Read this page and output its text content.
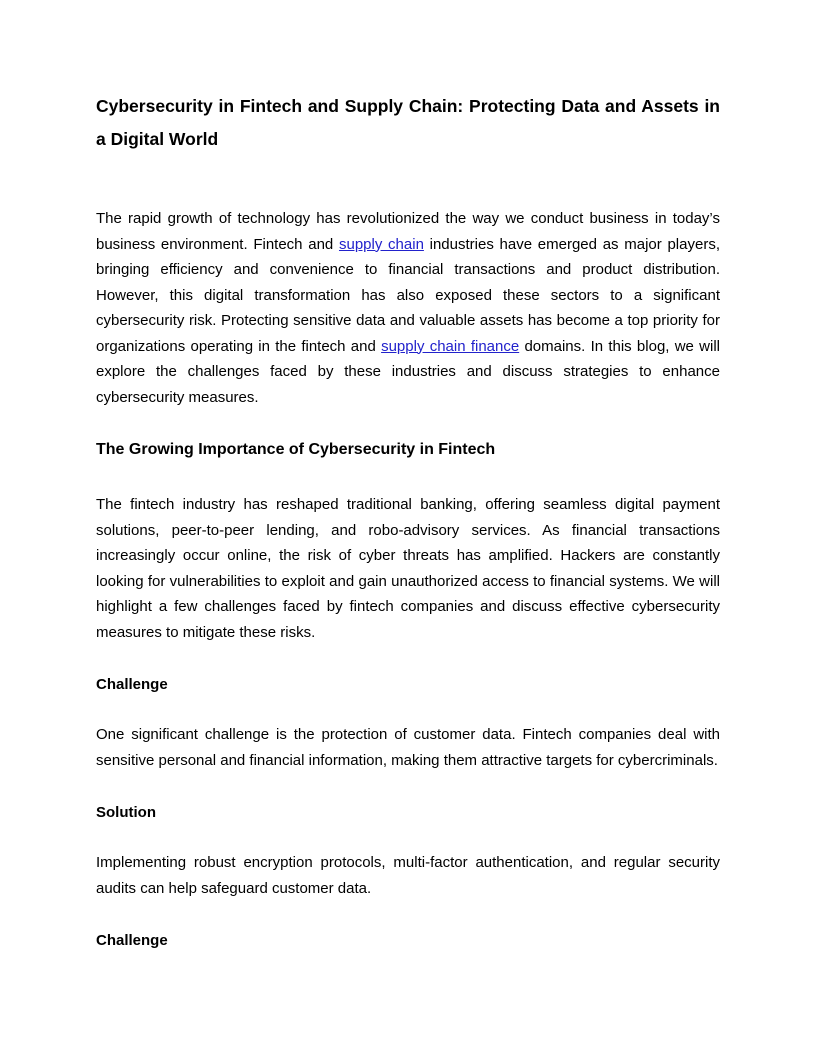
Cybersecurity in Fintech and Supply Chain: Protecting Data and Assets in a Digital World

The rapid growth of technology has revolutionized the way we conduct business in today’s business environment. Fintech and supply chain industries have emerged as major players, bringing efficiency and convenience to financial transactions and product distribution. However, this digital transformation has also exposed these sectors to a significant cybersecurity risk. Protecting sensitive data and valuable assets has become a top priority for organizations operating in the fintech and supply chain finance domains. In this blog, we will explore the challenges faced by these industries and discuss strategies to enhance cybersecurity measures.

The Growing Importance of Cybersecurity in Fintech

The fintech industry has reshaped traditional banking, offering seamless digital payment solutions, peer-to-peer lending, and robo-advisory services. As financial transactions increasingly occur online, the risk of cyber threats has amplified. Hackers are constantly looking for vulnerabilities to exploit and gain unauthorized access to financial systems. We will highlight a few challenges faced by fintech companies and discuss effective cybersecurity measures to mitigate these risks.

Challenge

One significant challenge is the protection of customer data. Fintech companies deal with sensitive personal and financial information, making them attractive targets for cybercriminals.

Solution

Implementing robust encryption protocols, multi-factor authentication, and regular security audits can help safeguard customer data.

Challenge
